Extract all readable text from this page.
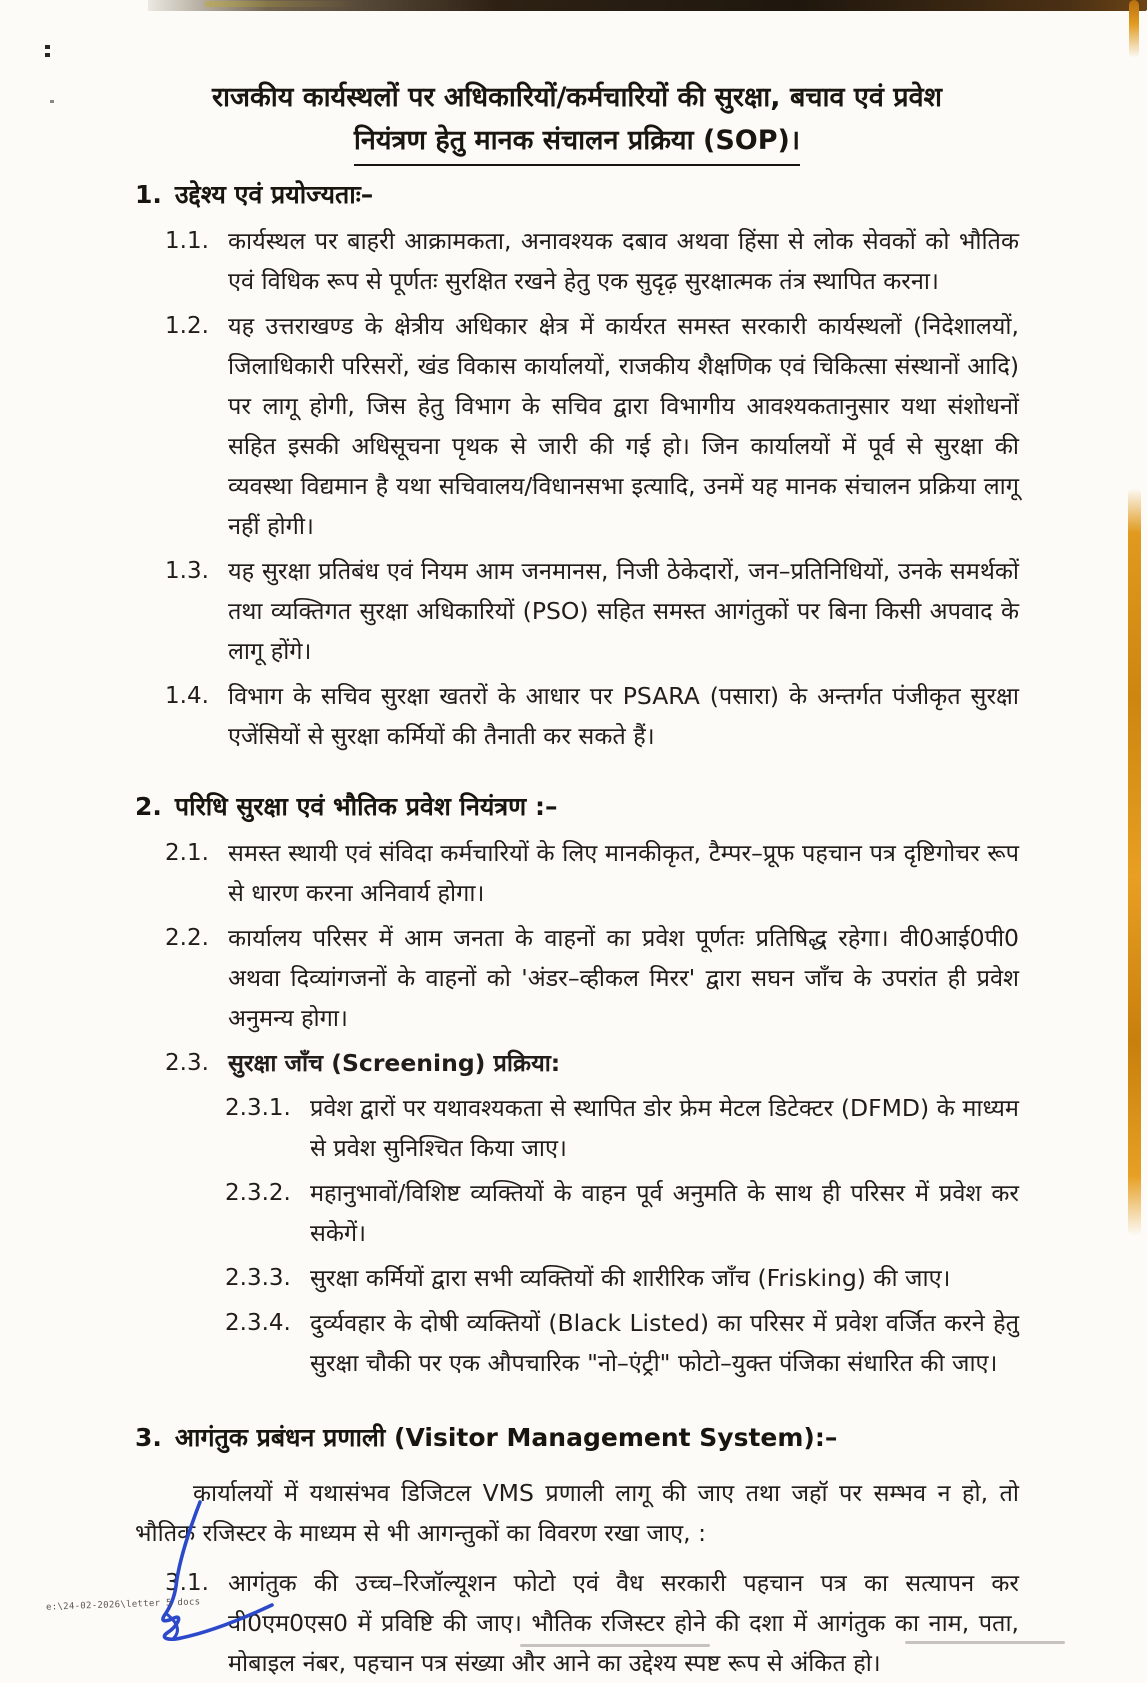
राजकीय कार्यस्थलों पर अधिकारियों/कर्मचारियों की सुरक्षा, बचाव एवं प्रवेश
नियंत्रण हेतु मानक संचालन प्रक्रिया (SOP)।
1. उद्देश्य एवं प्रयोज्यताः–
1.1. कार्यस्थल पर बाहरी आक्रामकता, अनावश्यक दबाव अथवा हिंसा से लोक सेवकों को भौतिक एवं विधिक रूप से पूर्णतः सुरक्षित रखने हेतु एक सुदृढ़ सुरक्षात्मक तंत्र स्थापित करना।

1.2. यह उत्तराखण्ड के क्षेत्रीय अधिकार क्षेत्र में कार्यरत समस्त सरकारी कार्यस्थलों (निदेशालयों, जिलाधिकारी परिसरों, खंड विकास कार्यालयों, राजकीय शैक्षणिक एवं चिकित्सा संस्थानों आदि) पर लागू होगी, जिस हेतु विभाग के सचिव द्वारा विभागीय आवश्यकतानुसार यथा संशोधनों सहित इसकी अधिसूचना पृथक से जारी की गई हो। जिन कार्यालयों में पूर्व से सुरक्षा की व्यवस्था विद्यमान है यथा सचिवालय/विधानसभा इत्यादि, उनमें यह मानक संचालन प्रक्रिया लागू नहीं होगी।

1.3. यह सुरक्षा प्रतिबंध एवं नियम आम जनमानस, निजी ठेकेदारों, जन–प्रतिनिधियों, उनके समर्थकों तथा व्यक्तिगत सुरक्षा अधिकारियों (PSO) सहित समस्त आगंतुकों पर बिना किसी अपवाद के लागू होंगे।

1.4. विभाग के सचिव सुरक्षा खतरों के आधार पर PSARA (पसारा) के अन्तर्गत पंजीकृत सुरक्षा एजेंसियों से सुरक्षा कर्मियों की तैनाती कर सकते हैं।

2. परिधि सुरक्षा एवं भौतिक प्रवेश नियंत्रण :–
2.1. समस्त स्थायी एवं संविदा कर्मचारियों के लिए मानकीकृत, टैम्पर–प्रूफ पहचान पत्र दृष्टिगोचर रूप से धारण करना अनिवार्य होगा।

2.2. कार्यालय परिसर में आम जनता के वाहनों का प्रवेश पूर्णतः प्रतिषिद्ध रहेगा। वी0आई0पी0 अथवा दिव्यांगजनों के वाहनों को 'अंडर–व्हीकल मिरर' द्वारा सघन जाँच के उपरांत ही प्रवेश अनुमन्य होगा।

2.3. सुरक्षा जाँच (Screening) प्रक्रिया:

2.3.1. प्रवेश द्वारों पर यथावश्यकता से स्थापित डोर फ्रेम मेटल डिटेक्टर (DFMD) के माध्यम से प्रवेश सुनिश्चित किया जाए।

2.3.2. महानुभावों/विशिष्ट व्यक्तियों के वाहन पूर्व अनुमति के साथ ही परिसर में प्रवेश कर सकेगें।

2.3.3. सुरक्षा कर्मियों द्वारा सभी व्यक्तियों की शारीरिक जाँच (Frisking) की जाए।

2.3.4. दुर्व्यवहार के दोषी व्यक्तियों (Black Listed) का परिसर में प्रवेश वर्जित करने हेतु सुरक्षा चौकी पर एक औपचारिक "नो–एंट्री" फोटो–युक्त पंजिका संधारित की जाए।

3. आगंतुक प्रबंधन प्रणाली (Visitor Management System):–

कार्यालयों में यथासंभव डिजिटल VMS प्रणाली लागू की जाए तथा जहॉ पर सम्भव न हो, तो भौतिक रजिस्टर के माध्यम से भी आगन्तुकों का विवरण रखा जाए, :

3.1. आगंतुक की उच्च–रिजॉल्यूशन फोटो एवं वैध सरकारी पहचान पत्र का सत्यापन कर वी0एम0एस0 में प्रविष्टि की जाए। भौतिक रजिस्टर होने की दशा में आगंतुक का नाम, पता, मोबाइल नंबर, पहचान पत्र संख्या और आने का उद्देश्य स्पष्ट रूप से अंकित हो।

e:\24-02-2026\letter 5 docs
